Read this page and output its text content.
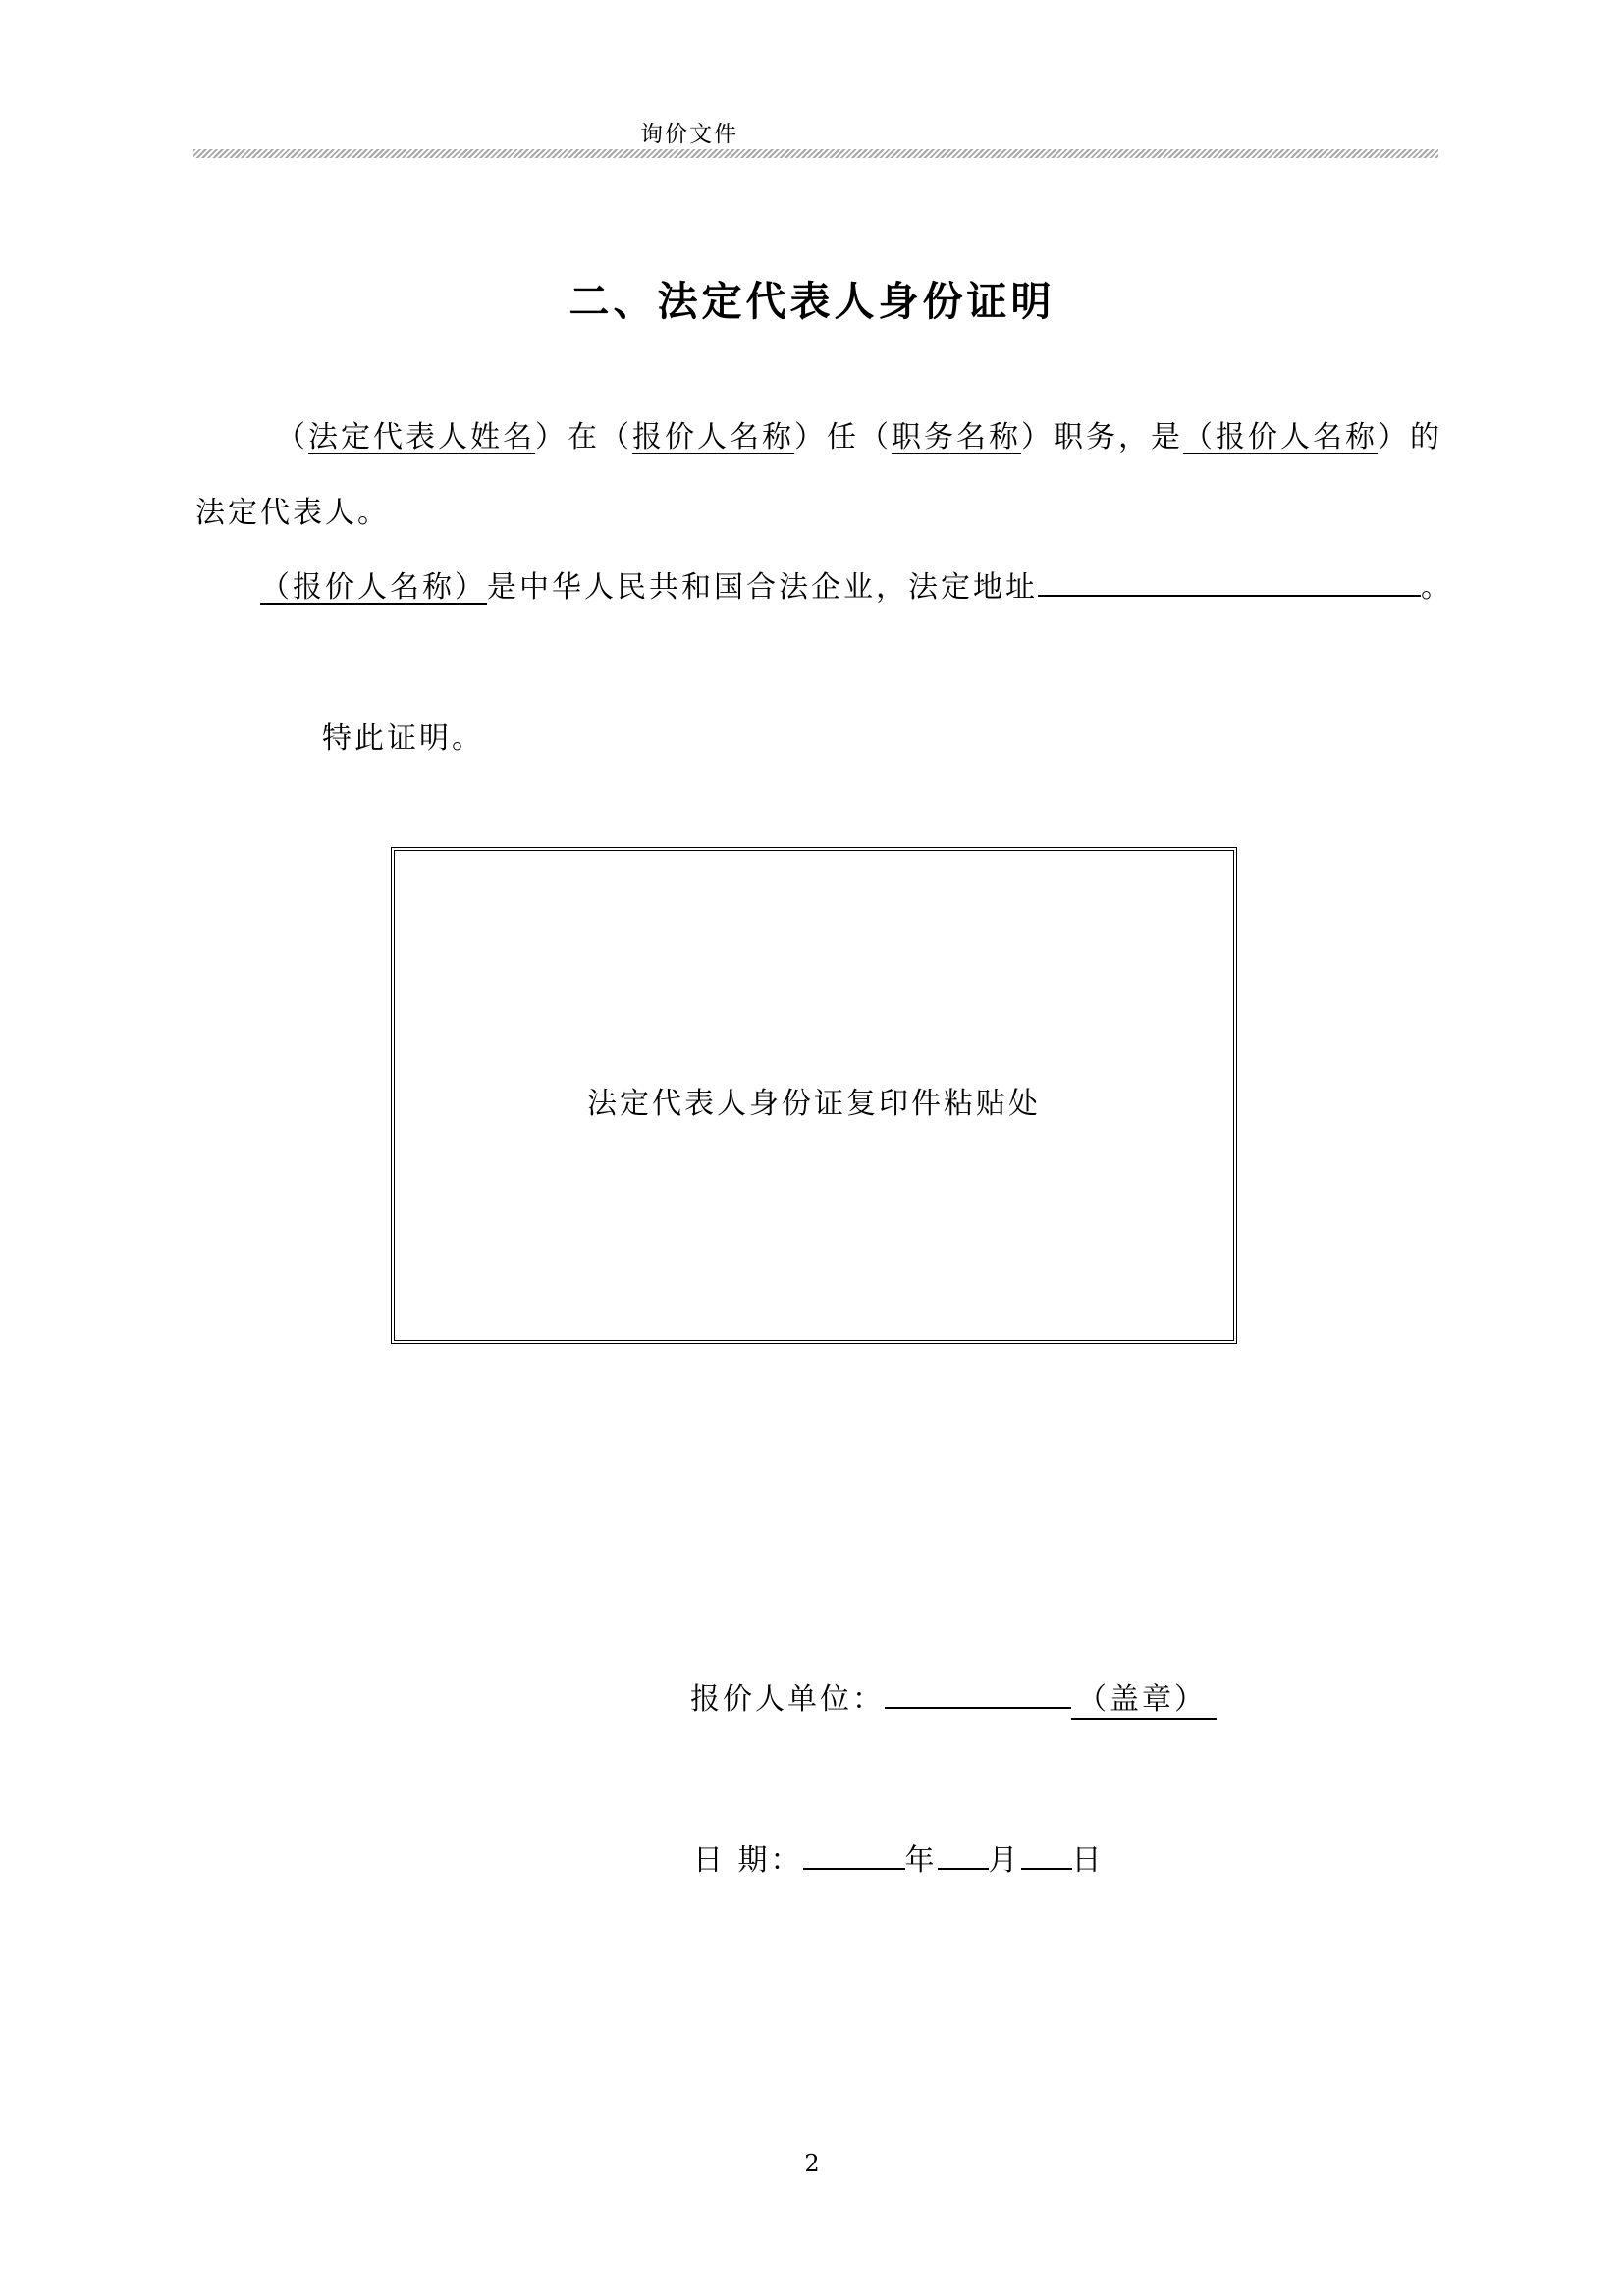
询价文件
二、法定代表人身份证明
（法定代表人姓名）在（报价人名称）任（职务名称）职务，是（报价人名称）的
法定代表人。
（报价人名称）是中华人民共和国合法企业，法定地址	。
特此证明。
法定代表人身份证复印件粘贴处
报价人单位：	（盖章）
日 期：	年 月 日
2
